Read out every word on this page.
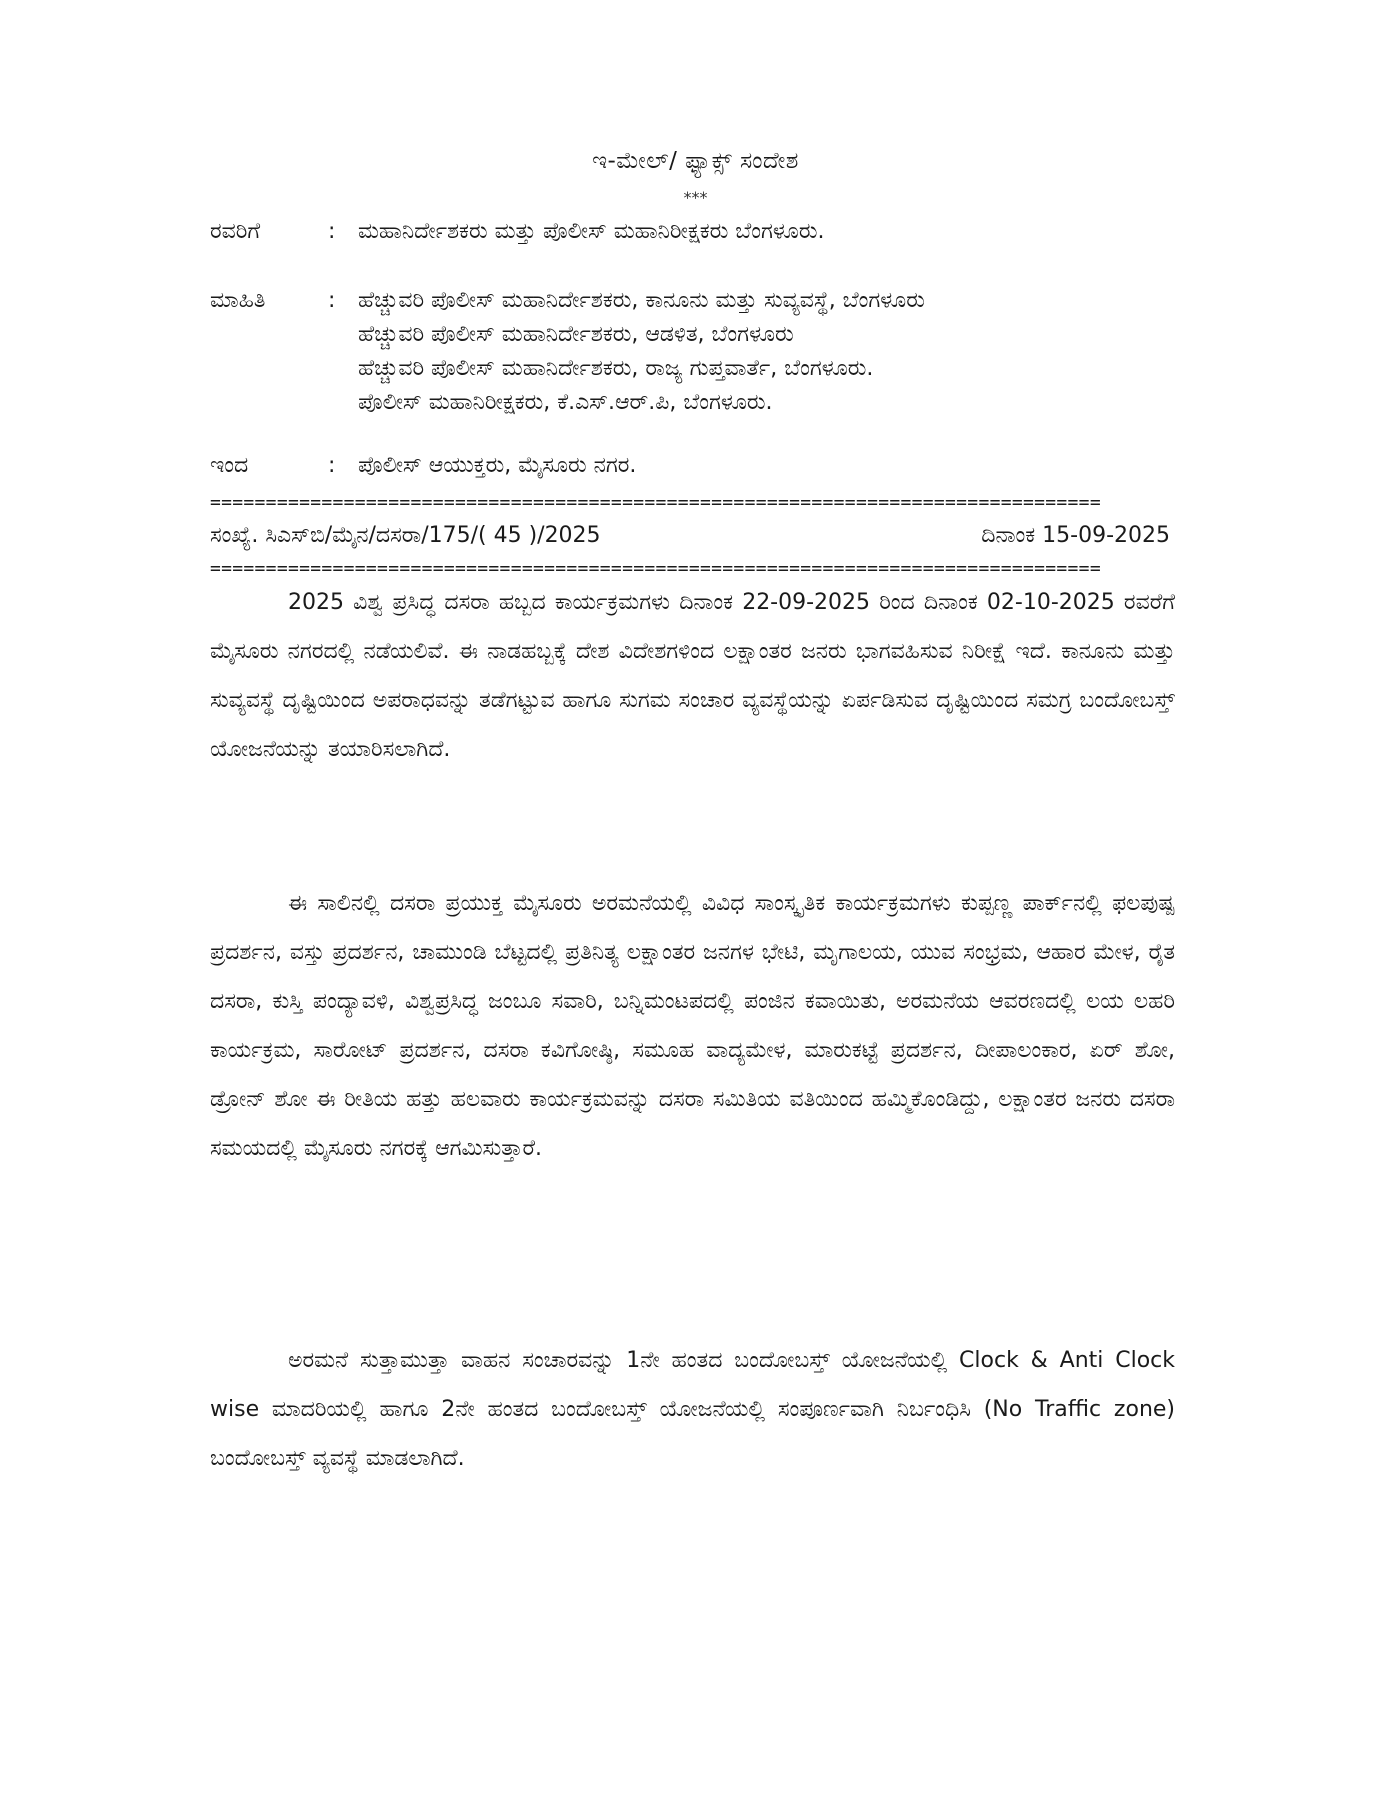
ಇ-ಮೇಲ್/ ಫ್ಯಾಕ್ಸ್ ಸಂದೇಶ
***
ರವರಿಗೆ	: ಮಹಾನಿರ್ದೇಶಕರು ಮತ್ತು ಪೊಲೀಸ್ ಮಹಾನಿರೀಕ್ಷಕರು ಬೆಂಗಳೂರು.
ಮಾಹಿತಿ	:	ಹೆಚ್ಚುವರಿ ಪೊಲೀಸ್ ಮಹಾನಿರ್ದೇಶಕರು, ಕಾನೂನು ಮತ್ತು ಸುವ್ಯವಸ್ಥೆ, ಬೆಂಗಳೂರು
ಹೆಚ್ಚುವರಿ ಪೊಲೀಸ್ ಮಹಾನಿರ್ದೇಶಕರು, ಆಡಳಿತ, ಬೆಂಗಳೂರು
ಹೆಚ್ಚುವರಿ ಪೊಲೀಸ್ ಮಹಾನಿರ್ದೇಶಕರು, ರಾಜ್ಯ ಗುಪ್ತವಾರ್ತೆ, ಬೆಂಗಳೂರು.
ಪೊಲೀಸ್ ಮಹಾನಿರೀಕ್ಷಕರು, ಕೆ.ಎಸ್.ಆರ್.ಪಿ, ಬೆಂಗಳೂರು.
ಇಂದ	: ಪೊಲೀಸ್ ಆಯುಕ್ತರು, ಮೈಸೂರು ನಗರ.
================================================================================
ಸಂಖ್ಯೆ. ಸಿಎಸ್‌ಬಿ/ಮೈನ/ದಸರಾ/175/( 45 )/2025	ದಿನಾಂಕ 15-09-2025
================================================================================
2025 ವಿಶ್ವ ಪ್ರಸಿದ್ಧ ದಸರಾ ಹಬ್ಬದ ಕಾರ್ಯಕ್ರಮಗಳು ದಿನಾಂಕ 22-09-2025 ರಿಂದ ದಿನಾಂಕ 02-10-2025 ರವರೆಗೆ ಮೈಸೂರು ನಗರದಲ್ಲಿ ನಡೆಯಲಿವೆ. ಈ ನಾಡಹಬ್ಬಕ್ಕೆ ದೇಶ ವಿದೇಶಗಳಿಂದ ಲಕ್ಷಾಂತರ ಜನರು ಭಾಗವಹಿಸುವ ನಿರೀಕ್ಷೆ ಇದೆ. ಕಾನೂನು ಮತ್ತು ಸುವ್ಯವಸ್ಥೆ ದೃಷ್ಟಿಯಿಂದ ಅಪರಾಧವನ್ನು ತಡೆಗಟ್ಟುವ ಹಾಗೂ ಸುಗಮ ಸಂಚಾರ ವ್ಯವಸ್ಥೆಯನ್ನು ಏರ್ಪಡಿಸುವ ದೃಷ್ಟಿಯಿಂದ ಸಮಗ್ರ ಬಂದೋಬಸ್ತ್ ಯೋಜನೆಯನ್ನು ತಯಾರಿಸಲಾಗಿದೆ.
ಈ ಸಾಲಿನಲ್ಲಿ ದಸರಾ ಪ್ರಯುಕ್ತ ಮೈಸೂರು ಅರಮನೆಯಲ್ಲಿ ವಿವಿಧ ಸಾಂಸ್ಕೃತಿಕ ಕಾರ್ಯಕ್ರಮಗಳು ಕುಪ್ಪಣ್ಣ ಪಾರ್ಕ್‌ನಲ್ಲಿ ಫಲಪುಷ್ಪ ಪ್ರದರ್ಶನ, ವಸ್ತು ಪ್ರದರ್ಶನ, ಚಾಮುಂಡಿ ಬೆಟ್ಟದಲ್ಲಿ ಪ್ರತಿನಿತ್ಯ ಲಕ್ಷಾಂತರ ಜನಗಳ ಭೇಟಿ, ಮೃಗಾಲಯ, ಯುವ ಸಂಭ್ರಮ, ಆಹಾರ ಮೇಳ, ರೈತ ದಸರಾ, ಕುಸ್ತಿ ಪಂದ್ಯಾವಳಿ, ವಿಶ್ವಪ್ರಸಿದ್ಧ ಜಂಬೂ ಸವಾರಿ, ಬನ್ನಿಮಂಟಪದಲ್ಲಿ ಪಂಜಿನ ಕವಾಯಿತು, ಅರಮನೆಯ ಆವರಣದಲ್ಲಿ ಲಯ ಲಹರಿ ಕಾರ್ಯಕ್ರಮ, ಸಾರೋಟ್ ಪ್ರದರ್ಶನ, ದಸರಾ ಕವಿಗೋಷ್ಠಿ, ಸಮೂಹ ವಾದ್ಯಮೇಳ, ಮಾರುಕಟ್ಟೆ ಪ್ರದರ್ಶನ, ದೀಪಾಲಂಕಾರ, ಏರ್ ಶೋ, ಡ್ರೋನ್ ಶೋ ಈ ರೀತಿಯ ಹತ್ತು ಹಲವಾರು ಕಾರ್ಯಕ್ರಮವನ್ನು ದಸರಾ ಸಮಿತಿಯ ವತಿಯಿಂದ ಹಮ್ಮಿಕೊಂಡಿದ್ದು, ಲಕ್ಷಾಂತರ ಜನರು ದಸರಾ ಸಮಯದಲ್ಲಿ ಮೈಸೂರು ನಗರಕ್ಕೆ ಆಗಮಿಸುತ್ತಾರೆ.
ಅರಮನೆ ಸುತ್ತಾಮುತ್ತಾ ವಾಹನ ಸಂಚಾರವನ್ನು 1ನೇ ಹಂತದ ಬಂದೋಬಸ್ತ್ ಯೋಜನೆಯಲ್ಲಿ Clock & Anti Clock wise ಮಾದರಿಯಲ್ಲಿ ಹಾಗೂ 2ನೇ ಹಂತದ ಬಂದೋಬಸ್ತ್ ಯೋಜನೆಯಲ್ಲಿ ಸಂಪೂರ್ಣವಾಗಿ ನಿರ್ಬಂಧಿಸಿ (No Traffic zone) ಬಂದೋಬಸ್ತ್ ವ್ಯವಸ್ಥೆ ಮಾಡಲಾಗಿದೆ.
